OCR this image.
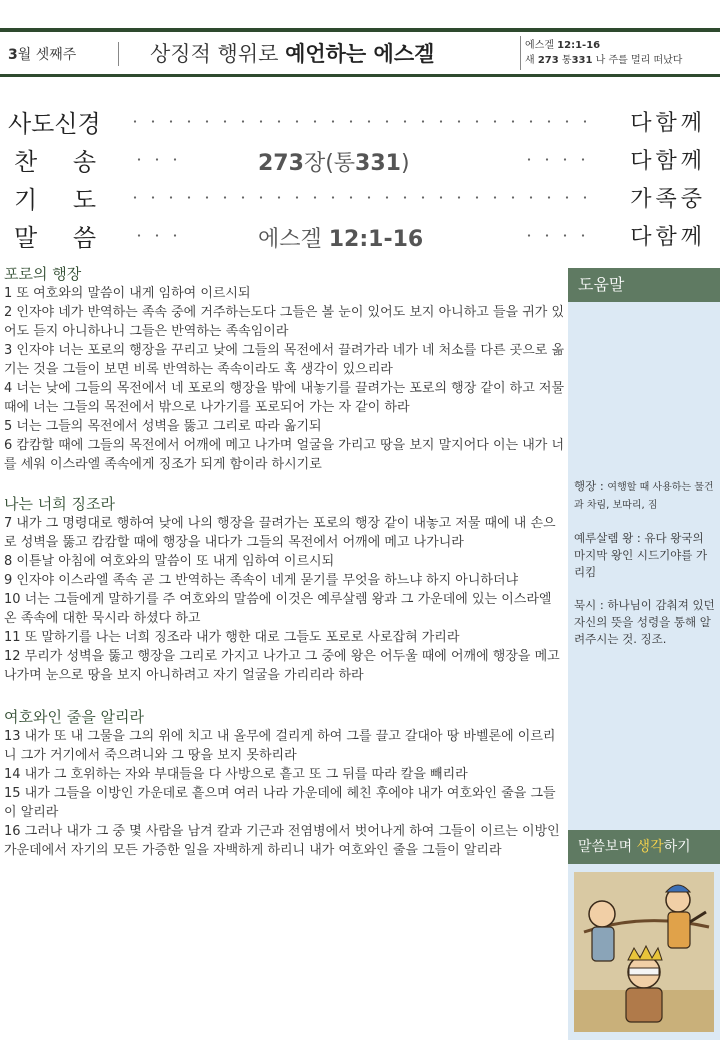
3월 셋째주	상징적 행위로 예언하는 에스겔	에스겔 12:1-16
새 273 통331 나 주를 멀리 떠났다
사도신경	다함께
찬 송	273장(통331)	다함께
기 도	가족중
말 씀	에스겔 12:1-16	다함께
포로의 행장

1 또 여호와의 말씀이 내게 임하여 이르시되

2 인자야 네가 반역하는 족속 중에 거주하는도다 그들은 볼 눈이 있어도 보지 아니하고 들을 귀가 있어도 듣지 아니하나니 그들은 반역하는 족속임이라

3 인자야 너는 포로의 행장을 꾸리고 낮에 그들의 목전에서 끌려가라 네가 네 처소를 다른 곳으로 옮기는 것을 그들이 보면 비록 반역하는 족속이라도 혹 생각이 있으리라

4 너는 낮에 그들의 목전에서 네 포로의 행장을 밖에 내놓기를 끌려가는 포로의 행장 같이 하고 저물 때에 너는 그들의 목전에서 밖으로 나가기를 포로되어 가는 자 같이 하라

5 너는 그들의 목전에서 성벽을 뚫고 그리로 따라 옮기되

6 캄캄할 때에 그들의 목전에서 어깨에 메고 나가며 얼굴을 가리고 땅을 보지 말지어다 이는 내가 너를 세워 이스라엘 족속에게 징조가 되게 함이라 하시기로

나는 너희 징조라

7 내가 그 명령대로 행하여 낮에 나의 행장을 끌려가는 포로의 행장 같이 내놓고 저물 때에 내 손으로 성벽을 뚫고 캄캄할 때에 행장을 내다가 그들의 목전에서 어깨에 메고 나가니라

8 이튿날 아침에 여호와의 말씀이 또 내게 임하여 이르시되

9 인자야 이스라엘 족속 곧 그 반역하는 족속이 네게 묻기를 무엇을 하느냐 하지 아니하더냐

10 너는 그들에게 말하기를 주 여호와의 말씀에 이것은 예루살렘 왕과 그 가운데에 있는 이스라엘 온 족속에 대한 묵시라 하셨다 하고

11 또 말하기를 나는 너희 징조라 내가 행한 대로 그들도 포로로 사로잡혀 가리라

12 무리가 성벽을 뚫고 행장을 그리로 가지고 나가고 그 중에 왕은 어두울 때에 어깨에 행장을 메고 나가며 눈으로 땅을 보지 아니하려고 자기 얼굴을 가리리라 하라

여호와인 줄을 알리라

13 내가 또 내 그물을 그의 위에 치고 내 올무에 걸리게 하여 그를 끌고 갈대아 땅 바벨론에 이르리니 그가 거기에서 죽으려니와 그 땅을 보지 못하리라

14 내가 그 호위하는 자와 부대들을 다 사방으로 흩고 또 그 뒤를 따라 칼을 빼리라

15 내가 그들을 이방인 가운데로 흩으며 여러 나라 가운데에 헤친 후에야 내가 여호와인 줄을 그들이 알리라

16 그러나 내가 그 중 몇 사람을 남겨 칼과 기근과 전염병에서 벗어나게 하여 그들이 이르는 이방인 가운데에서 자기의 모든 가증한 일을 자백하게 하리니 내가 여호와인 줄을 그들이 알리라

도움말

행장 : 여행할 때 사용하는 물건과 차림, 보따리, 짐

예루살렘 왕 : 유다 왕국의 마지막 왕인 시드기야를 가리킴

묵시 : 하나님이 감춰져 있던 자신의 뜻을 성령을 통해 알려주시는 것. 징조.

말씀보며 생각하기
